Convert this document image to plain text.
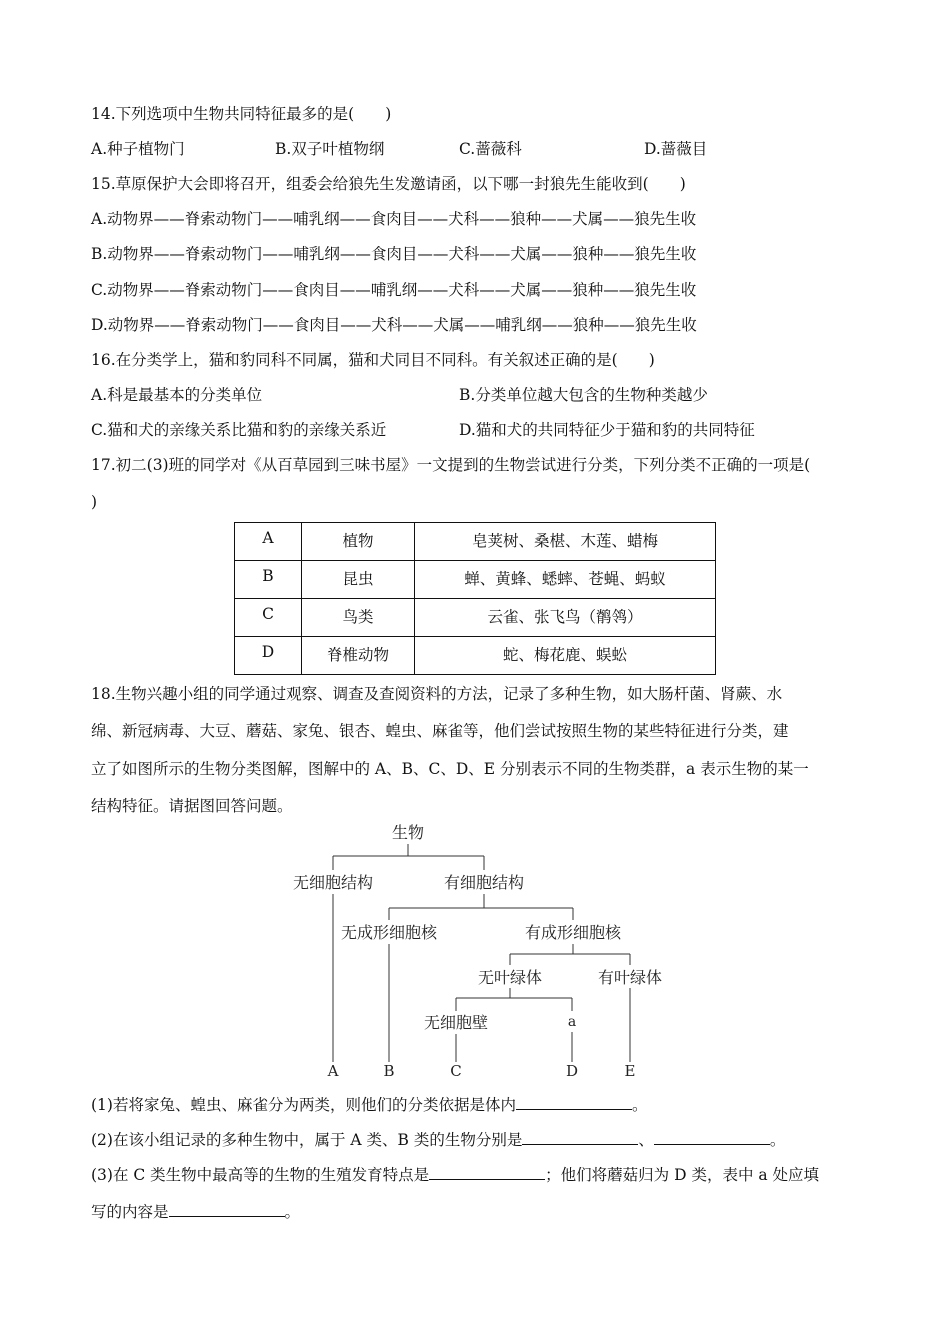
14.下列选项中生物共同特征最多的是(　　)
A.种子植物门	B.双子叶植物纲	C.蔷薇科	D.蔷薇目
15.草原保护大会即将召开，组委会给狼先生发邀请函，以下哪一封狼先生能收到(　　)
A.动物界——脊索动物门——哺乳纲——食肉目——犬科——狼种——犬属——狼先生收
B.动物界——脊索动物门——哺乳纲——食肉目——犬科——犬属——狼种——狼先生收
C.动物界——脊索动物门——食肉目——哺乳纲——犬科——犬属——狼种——狼先生收
D.动物界——脊索动物门——食肉目——犬科——犬属——哺乳纲——狼种——狼先生收
16.在分类学上，猫和豹同科不同属，猫和犬同目不同科。有关叙述正确的是(　　)
A.科是最基本的分类单位	B.分类单位越大包含的生物种类越少
C.猫和犬的亲缘关系比猫和豹的亲缘关系近	D.猫和犬的共同特征少于猫和豹的共同特征
17.初二(3)班的同学对《从百草园到三味书屋》一文提到的生物尝试进行分类，下列分类不正确的一项是(
)
A	植物	皂荚树、桑椹、木莲、蜡梅
B	昆虫	蝉、黄蜂、蟋蟀、苍蝇、蚂蚁
C	鸟类	云雀、张飞鸟（鹡鸰）
D	脊椎动物	蛇、梅花鹿、蜈蚣
18.生物兴趣小组的同学通过观察、调查及查阅资料的方法，记录了多种生物，如大肠杆菌、肾蕨、水
绵、新冠病毒、大豆、蘑菇、家兔、银杏、蝗虫、麻雀等，他们尝试按照生物的某些特征进行分类，建
立了如图所示的生物分类图解，图解中的 A、B、C、D、E 分别表示不同的生物类群，a 表示生物的某一
结构特征。请据图回答问题。
生物
无细胞结构	有细胞结构
无成形细胞核	有成形细胞核
无叶绿体	有叶绿体
无细胞壁	a
A	B	C	D	E
(1)若将家兔、蝗虫、麻雀分为两类，则他们的分类依据是体内	。
(2)在该小组记录的多种生物中，属于 A 类、B 类的生物分别是	、	。
(3)在 C 类生物中最高等的生物的生殖发育特点是	；他们将蘑菇归为 D 类，表中 a 处应填
写的内容是	。
